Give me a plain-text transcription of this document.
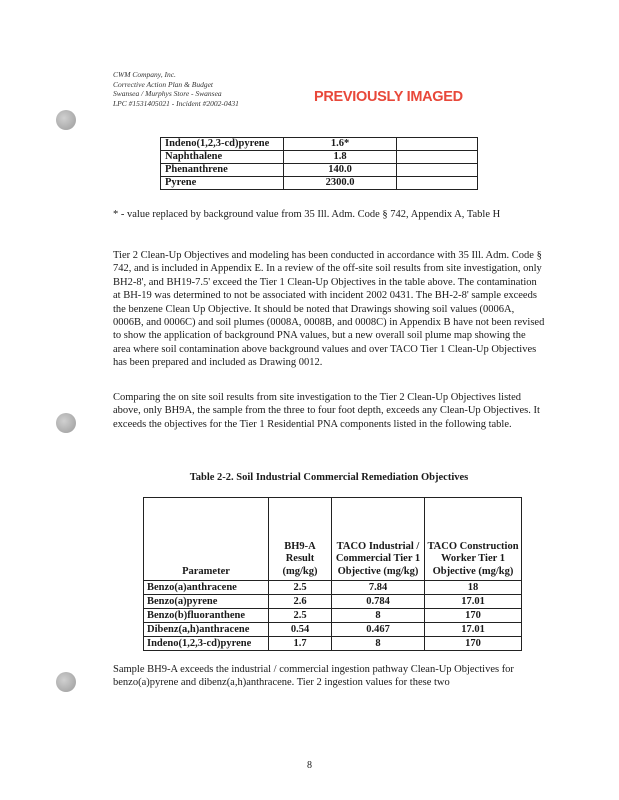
CWM Company, Inc.
Corrective Action Plan & Budget
Swansea / Murphys Store - Swansea
LPC #1531405021 - Incident #2002-0431	PREVIOUSLY IMAGED
Indeno(1,2,3-cd)pyrene	1.6*	
Naphthalene	1.8	
Phenanthrene	140.0	
Pyrene	2300.0	
* - value replaced by background value from 35 Ill. Adm. Code § 742, Appendix A, Table H
Tier 2 Clean-Up Objectives and modeling has been conducted in accordance with 35 Ill. Adm. Code § 742, and is included in Appendix E. In a review of the off-site soil results from site investigation, only BH2-8', and BH19-7.5' exceed the Tier 1 Clean-Up Objectives in the table above. The contamination at BH-19 was determined to not be associated with incident 2002 0431. The BH-2-8' sample exceeds the benzene Clean Up Objective. It should be noted that Drawings showing soil values (0006A, 0006B, and 0006C) and soil plumes (0008A, 0008B, and 0008C) in Appendix B have not been revised to show the application of background PNA values, but a new overall soil plume map showing the area where soil contamination above background values and over TACO Tier 1 Clean-Up Objectives has been prepared and included as Drawing 0012.
Comparing the on site soil results from site investigation to the Tier 2 Clean-Up Objectives listed above, only BH9A, the sample from the three to four foot depth, exceeds any Clean-Up Objectives. It exceeds the objectives for the Tier 1 Residential PNA components listed in the following table.
Table 2-2. Soil Industrial Commercial Remediation Objectives
Parameter	BH9-A Result (mg/kg)	TACO Industrial / Commercial Tier 1 Objective (mg/kg)	TACO Construction Worker Tier 1 Objective (mg/kg)
Benzo(a)anthracene	2.5	7.84	18
Benzo(a)pyrene	2.6	0.784	17.01
Benzo(b)fluoranthene	2.5	8	170
Dibenz(a,h)anthracene	0.54	0.467	17.01
Indeno(1,2,3-cd)pyrene	1.7	8	170
Sample BH9-A exceeds the industrial / commercial ingestion pathway Clean-Up Objectives for benzo(a)pyrene and dibenz(a,h)anthracene. Tier 2 ingestion values for these two
8
